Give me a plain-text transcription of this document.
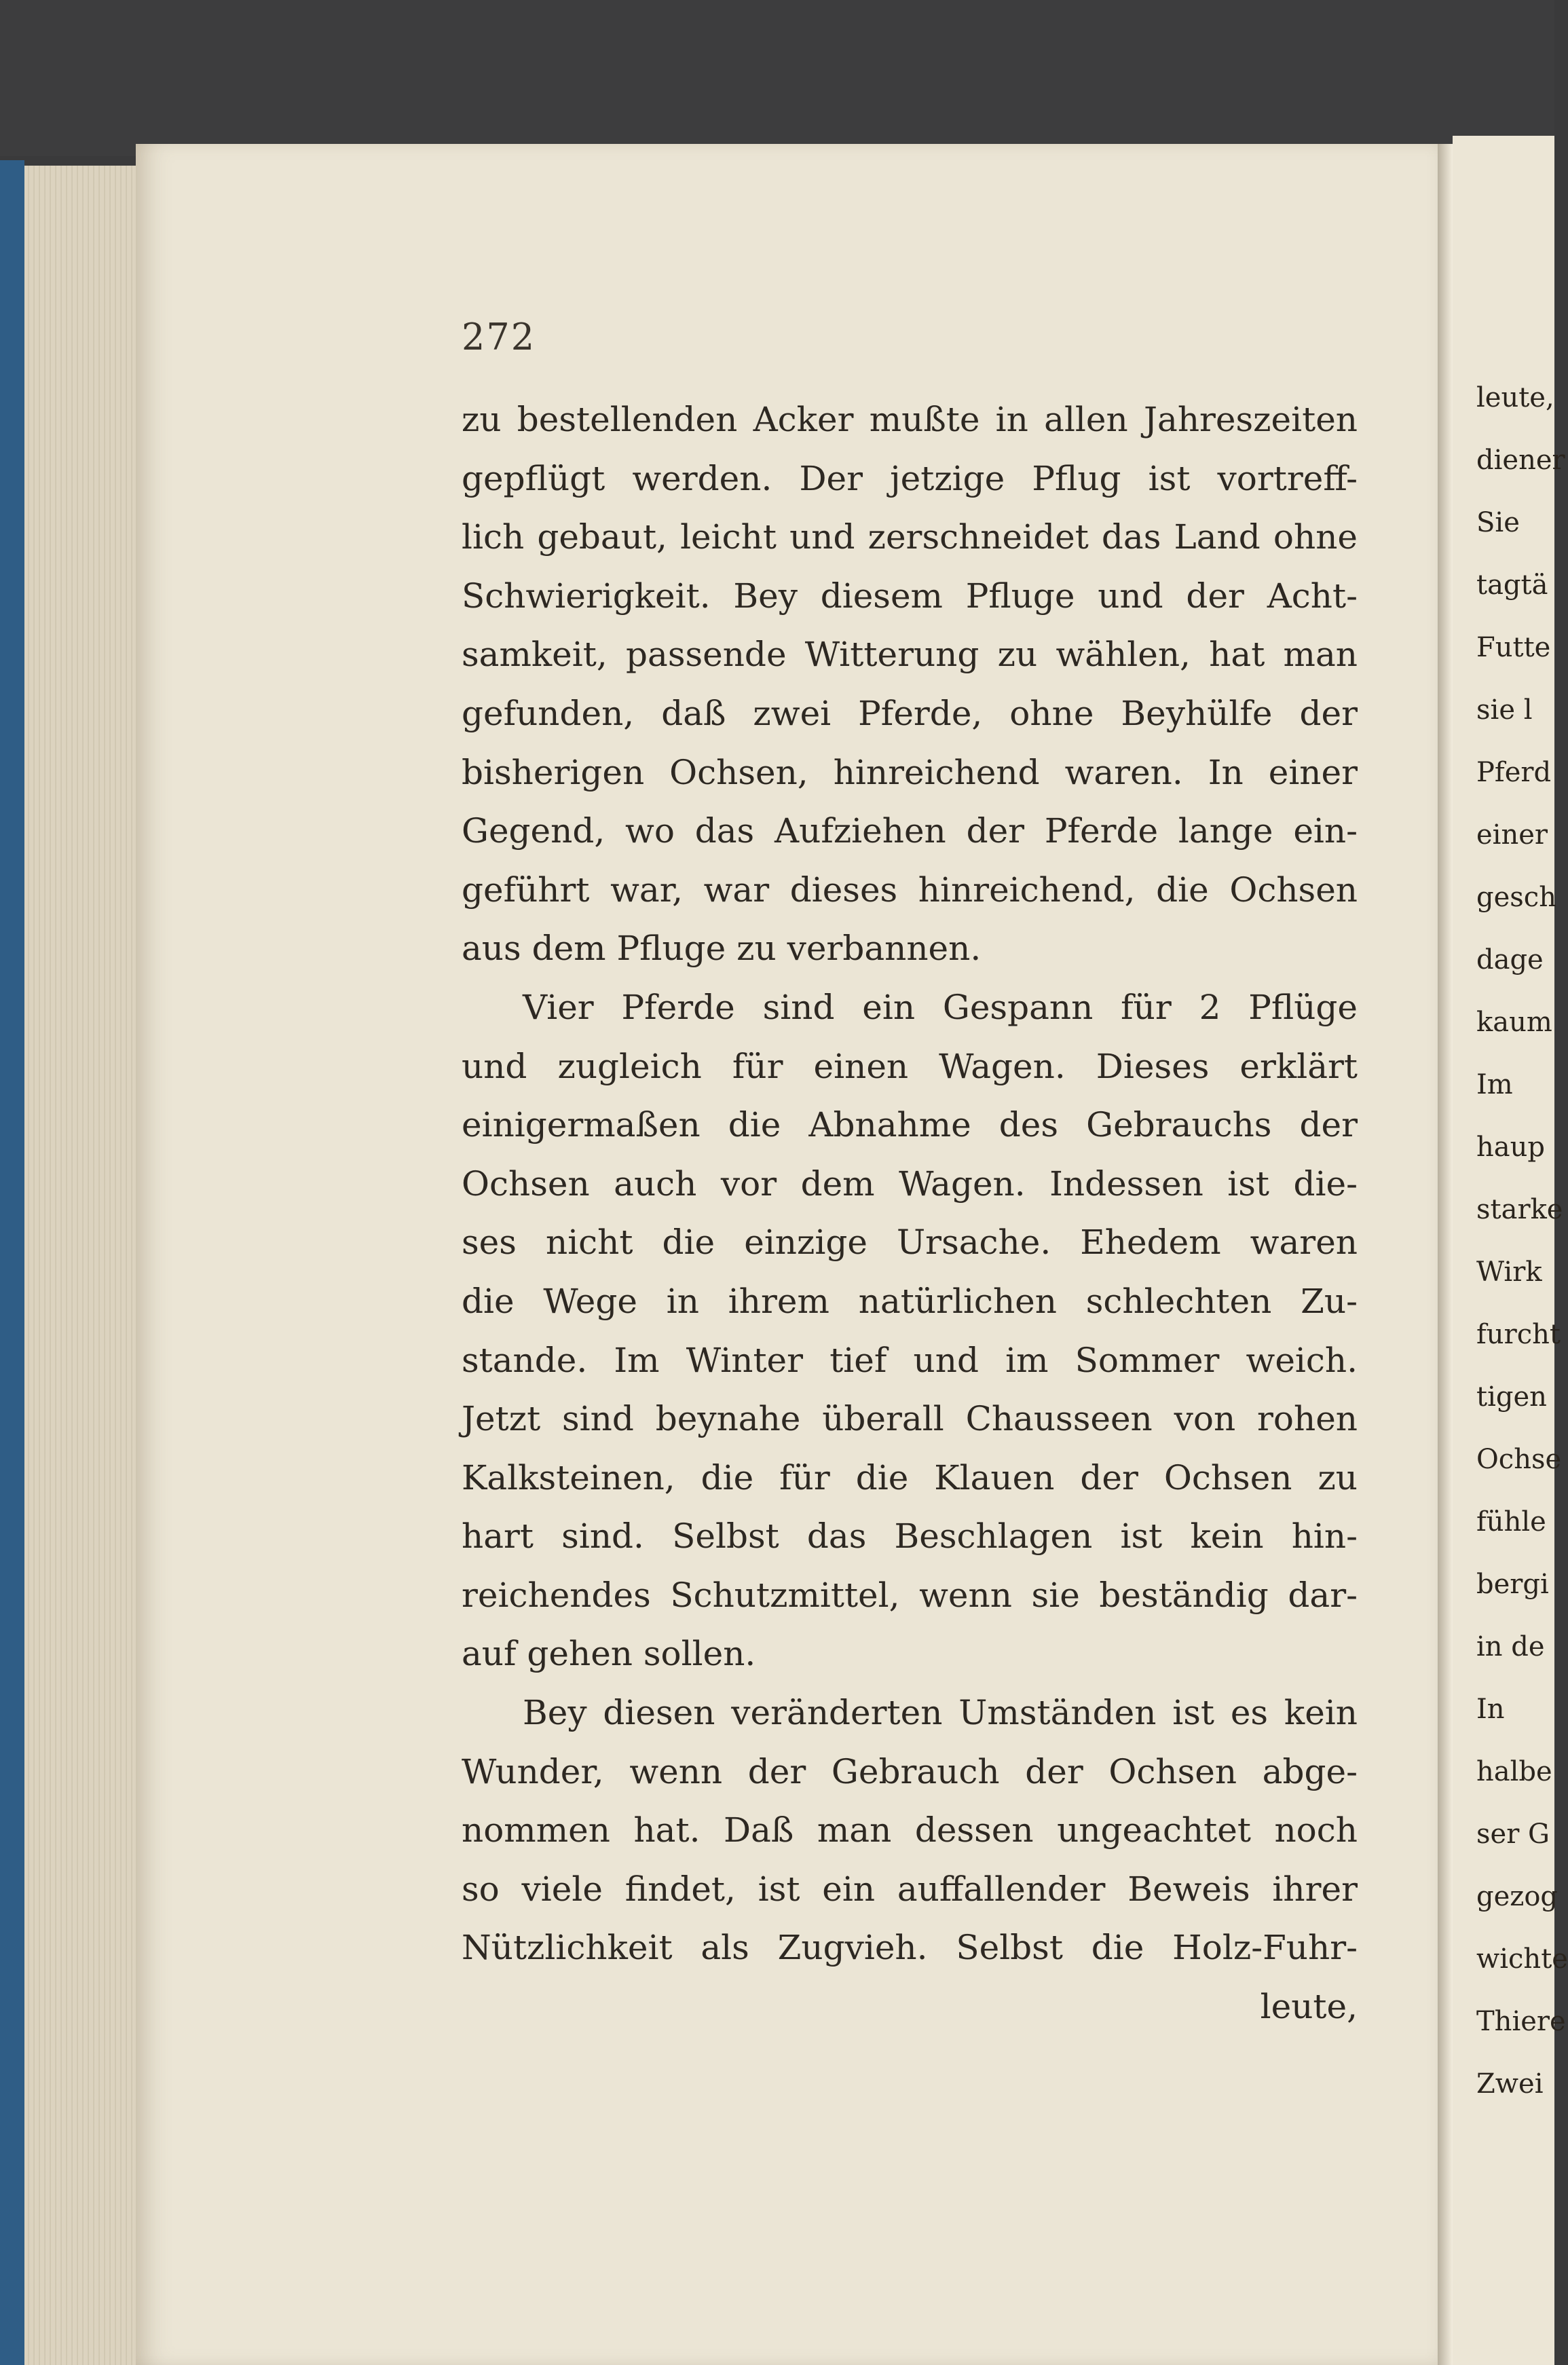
leute,
diener
Sie
tagtä
Futte
sie l
Pferd
einer
gesch
dage
kaum
Im
haup
starke
Wirk
furcht
tigen
Ochse
fühle
bergi
in de
In
halbe
ser G
gezog
wichte
Thiere
Zwei
272
zu bestellenden Acker mußte in allen Jahreszeiten
gepflügt werden. Der jetzige Pflug ist vortreff-
lich gebaut, leicht und zerschneidet das Land ohne
Schwierigkeit. Bey diesem Pfluge und der Acht-
samkeit, passende Witterung zu wählen, hat man
gefunden, daß zwei Pferde, ohne Beyhülfe der
bisherigen Ochsen, hinreichend waren. In einer
Gegend, wo das Aufziehen der Pferde lange ein-
geführt war, war dieses hinreichend, die Ochsen
aus dem Pfluge zu verbannen.
Vier Pferde sind ein Gespann für 2 Pflüge
und zugleich für einen Wagen. Dieses erklärt
einigermaßen die Abnahme des Gebrauchs der
Ochsen auch vor dem Wagen. Indessen ist die-
ses nicht die einzige Ursache. Ehedem waren
die Wege in ihrem natürlichen schlechten Zu-
stande. Im Winter tief und im Sommer weich.
Jetzt sind beynahe überall Chausseen von rohen
Kalksteinen, die für die Klauen der Ochsen zu
hart sind. Selbst das Beschlagen ist kein hin-
reichendes Schutzmittel, wenn sie beständig dar-
auf gehen sollen.
Bey diesen veränderten Umständen ist es kein
Wunder, wenn der Gebrauch der Ochsen abge-
nommen hat. Daß man dessen ungeachtet noch
so viele findet, ist ein auffallender Beweis ihrer
Nützlichkeit als Zugvieh. Selbst die Holz-Fuhr-
leute,
